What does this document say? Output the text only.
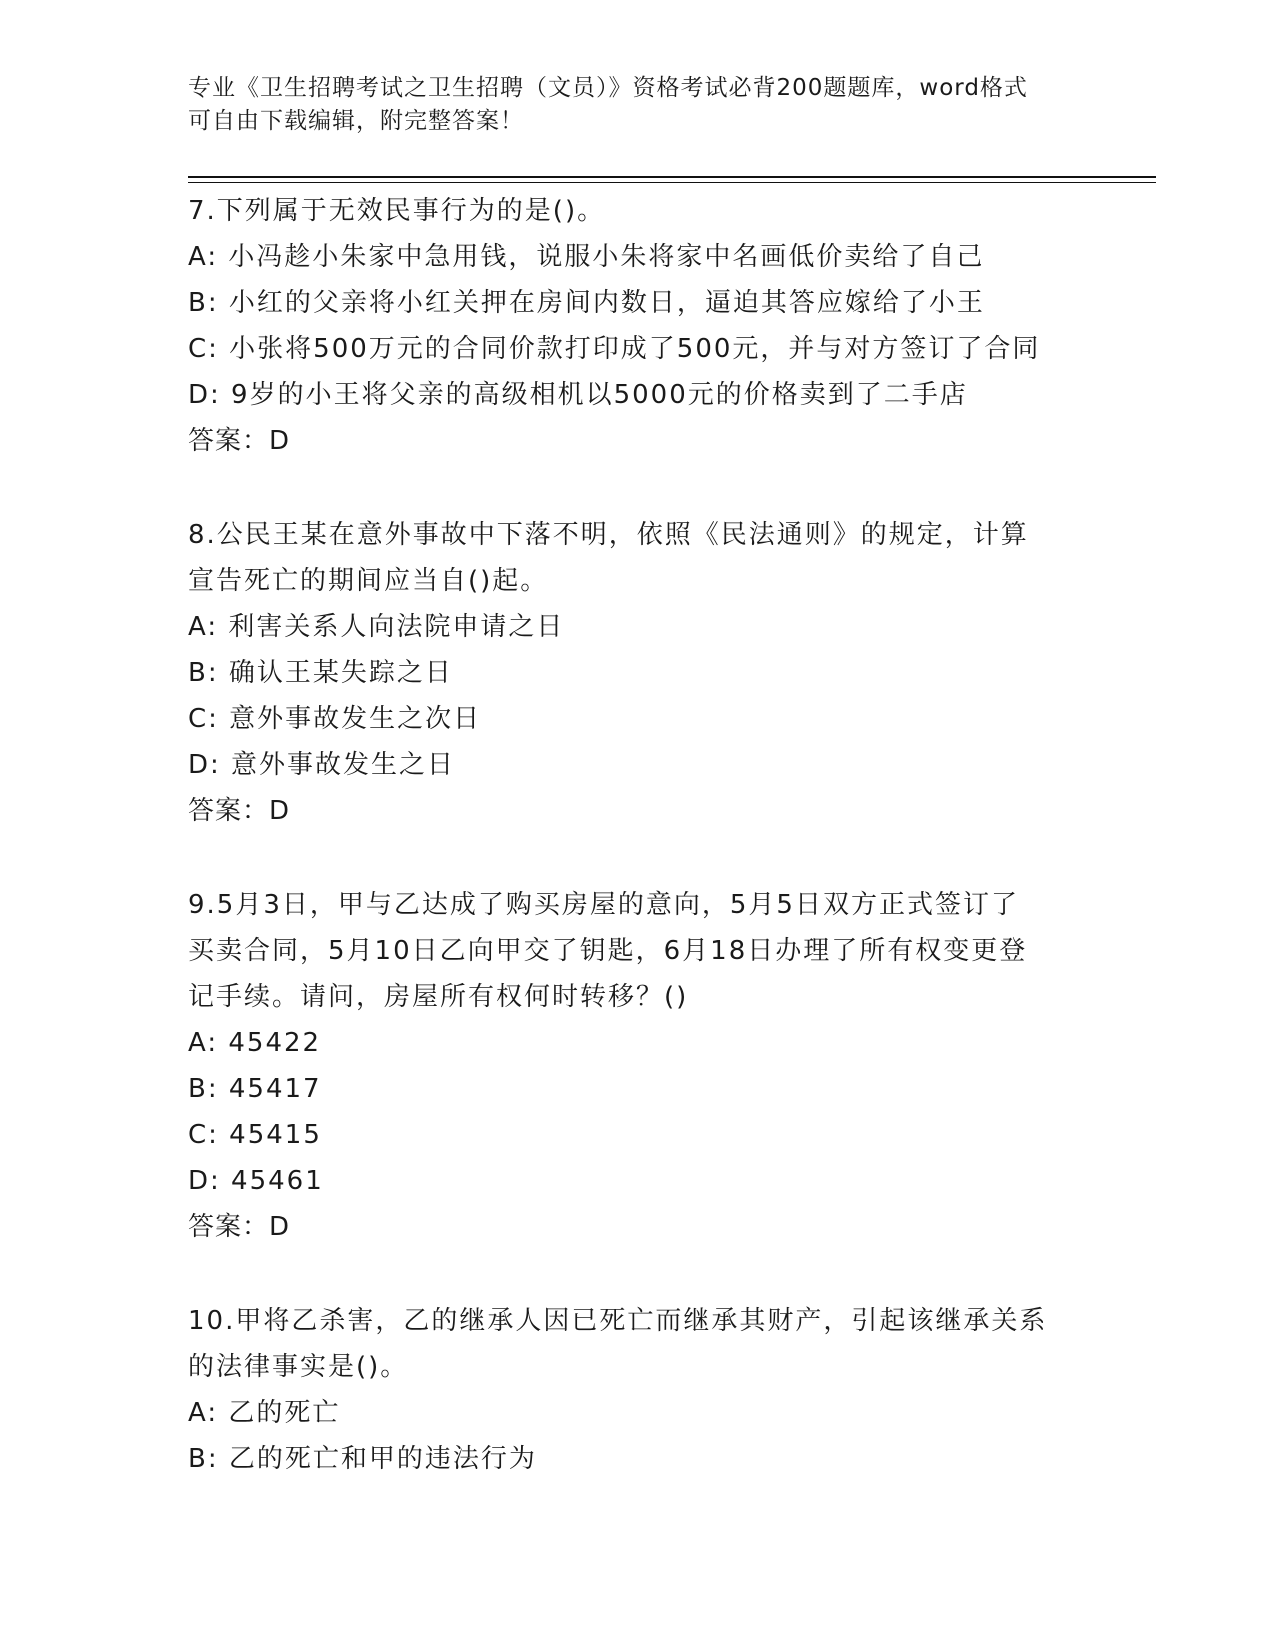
专业《卫生招聘考试之卫生招聘（文员）》资格考试必背200题题库，word格式
可自由下载编辑，附完整答案！
7.下列属于无效民事行为的是()。
A: 小冯趁小朱家中急用钱，说服小朱将家中名画低价卖给了自己
B: 小红的父亲将小红关押在房间内数日，逼迫其答应嫁给了小王
C: 小张将500万元的合同价款打印成了500元，并与对方签订了合同
D: 9岁的小王将父亲的高级相机以5000元的价格卖到了二手店
答案：D
8.公民王某在意外事故中下落不明，依照《民法通则》的规定，计算
宣告死亡的期间应当自()起。
A: 利害关系人向法院申请之日
B: 确认王某失踪之日
C: 意外事故发生之次日
D: 意外事故发生之日
答案：D
9.5月3日，甲与乙达成了购买房屋的意向，5月5日双方正式签订了
买卖合同，5月10日乙向甲交了钥匙，6月18日办理了所有权变更登
记手续。请问，房屋所有权何时转移？()
A: 45422
B: 45417
C: 45415
D: 45461
答案：D
10.甲将乙杀害，乙的继承人因已死亡而继承其财产，引起该继承关系
的法律事实是()。
A: 乙的死亡
B: 乙的死亡和甲的违法行为
